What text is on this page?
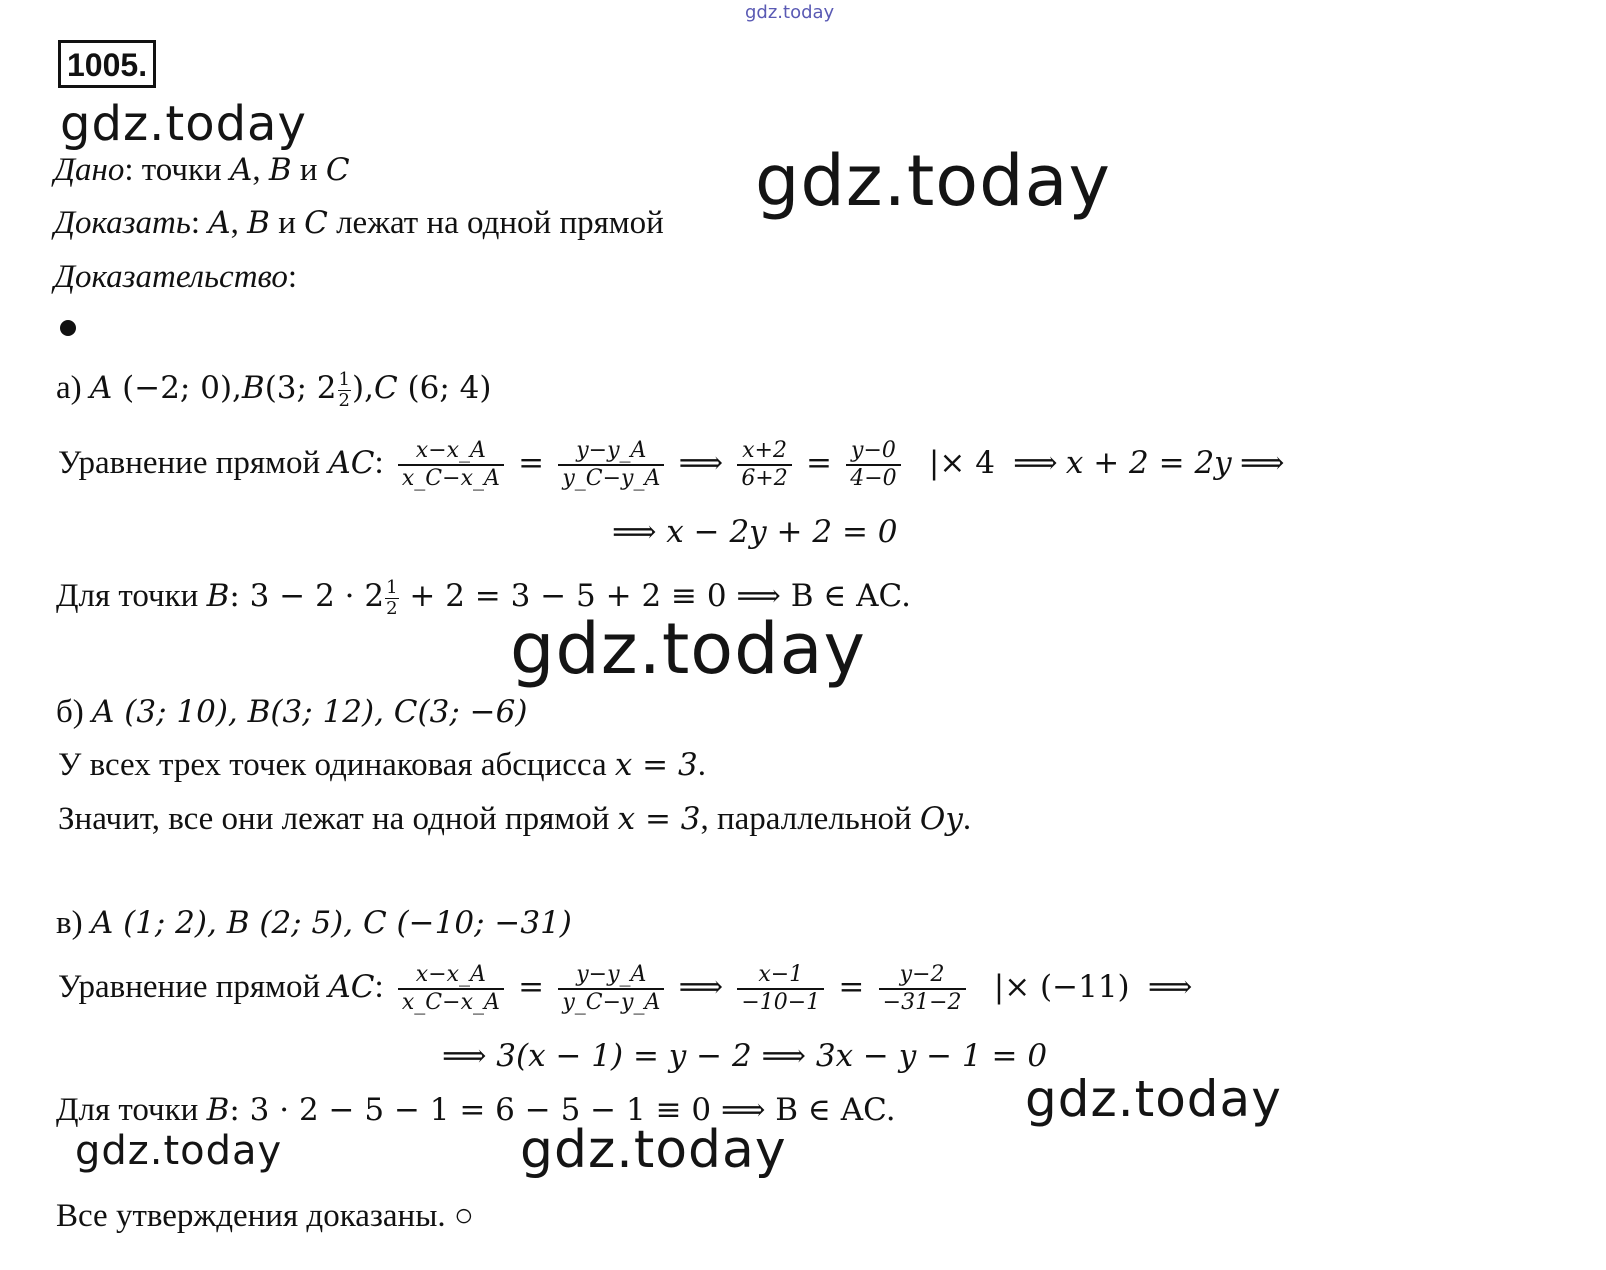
gdz.today
1005.
gdz.today
gdz.today
gdz.today
gdz.today
gdz.today	gdz.today
Дано: точки A, B и C
Доказать: A, B и C лежат на одной прямой
Доказательство:
а) A (−2; 0),B(3; $2 \frac{1}{2} ),C$ (6; 4)
Уравнение прямой AC: $\frac{x-x\_A}{x\_C-x\_A} = \frac{y-y\_A}{y\_C-y\_A}$ ⟹ $\frac{x+2}{6+2} = \frac{y-0}{4-0}$ |× 4 ⟹ x + 2 = 2y ⟹
⟹ x − 2y + 2 = 0
Для точки B: $3 - 2 \cdot 2 \frac{1}{2} + 2 = 3 - 5 + 2 \equiv 0$ ⟹ B ∈ AC.
б) A (3; 10), B(3; 12), C(3; −6)
У всех трех точек одинаковая абсцисса x = 3.
Значит, все они лежат на одной прямой x = 3, параллельной Oy.
в) A (1; 2), B (2; 5), C (−10; −31)
Уравнение прямой AC: $\frac{x-x\_A}{x\_C-x\_A} = \frac{y-y\_A}{y\_C-y\_A}$ ⟹ $\frac{x-1}{-10-1} = \frac{y-2}{-31-2}$ |× (−11) ⟹
⟹ 3(x − 1) = y − 2 ⟹ 3x − y − 1 = 0
Для точки B: 3 · 2 − 5 − 1 = 6 − 5 − 1 ≡ 0 ⟹ B ∈ AC.
Все утверждения доказаны. ○
